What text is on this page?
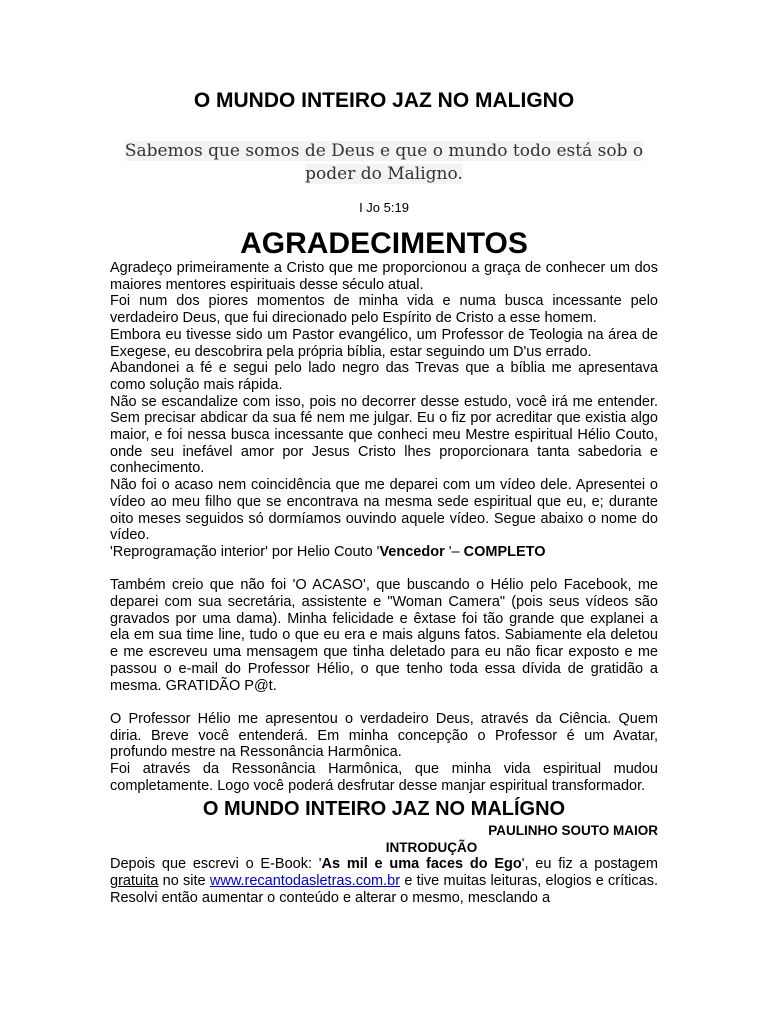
O MUNDO INTEIRO JAZ NO MALIGNO
Sabemos que somos de Deus e que o mundo todo está sob o poder do Maligno.
I Jo 5:19
AGRADECIMENTOS

Agradeço primeiramente a Cristo que me proporcionou a graça de conhecer um dos maiores mentores espirituais desse século atual.

Foi num dos piores momentos de minha vida e numa busca incessante pelo verdadeiro Deus, que fui direcionado pelo Espírito de Cristo a esse homem.

Embora eu tivesse sido um Pastor evangélico, um Professor de Teologia na área de Exegese, eu descobrira pela própria bíblia, estar seguindo um D'us errado.

Abandonei a fé e segui pelo lado negro das Trevas que a bíblia me apresentava como solução mais rápida.

Não se escandalize com isso, pois no decorrer desse estudo, você irá me entender. Sem precisar abdicar da sua fé nem me julgar. Eu o fiz por acreditar que existia algo maior, e foi nessa busca incessante que conheci meu Mestre espiritual Hélio Couto, onde seu inefável amor por Jesus Cristo lhes proporcionara tanta sabedoria e conhecimento.

Não foi o acaso nem coincidência que me deparei com um vídeo dele. Apresentei o vídeo ao meu filho que se encontrava na mesma sede espiritual que eu, e; durante oito meses seguidos só dormíamos ouvindo aquele vídeo. Segue abaixo o nome do vídeo.

'Reprogramação interior' por Helio Couto 'Vencedor '– COMPLETO

Também creio que não foi 'O ACASO', que buscando o Hélio pelo Facebook, me deparei com sua secretária, assistente e "Woman Camera" (pois seus vídeos são gravados por uma dama). Minha felicidade e êxtase foi tão grande que explanei a ela em sua time line, tudo o que eu era e mais alguns fatos. Sabiamente ela deletou e me escreveu uma mensagem que tinha deletado para eu não ficar exposto e me passou o e-mail do Professor Hélio, o que tenho toda essa dívida de gratidão a mesma. GRATIDÃO P@t.

O Professor Hélio me apresentou o verdadeiro Deus, através da Ciência. Quem diria. Breve você entenderá. Em minha concepção o Professor é um Avatar, profundo mestre na Ressonância Harmônica.

Foi através da Ressonância Harmônica, que minha vida espiritual mudou completamente. Logo você poderá desfrutar desse manjar espiritual transformador.

O MUNDO INTEIRO JAZ NO MALÍGNO
PAULINHO SOUTO MAIOR
INTRODUÇÃO

Depois que escrevi o E-Book: 'As mil e uma faces do Ego', eu fiz a postagem gratuita no site www.recantodasletras.com.br e tive muitas leituras, elogios e críticas. Resolvi então aumentar o conteúdo e alterar o mesmo, mesclando a
